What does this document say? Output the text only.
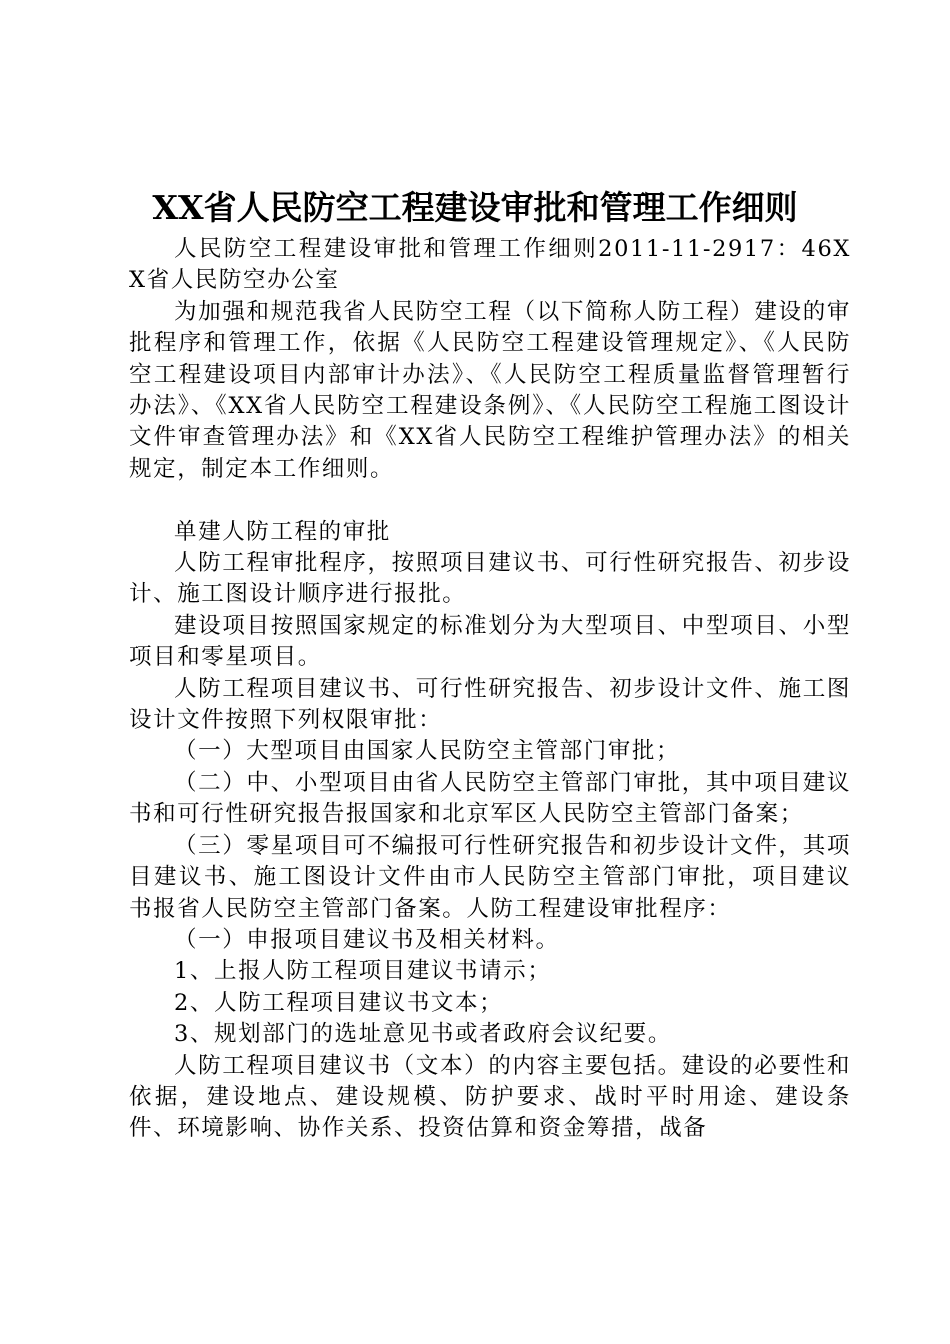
XX省人民防空工程建设审批和管理工作细则

人民防空工程建设审批和管理工作细则2011-11-2917：46XX省人民防空办公室

为加强和规范我省人民防空工程（以下简称人防工程）建设的审批程序和管理工作，依据《人民防空工程建设管理规定》、《人民防空工程建设项目内部审计办法》、《人民防空工程质量监督管理暂行办法》、《XX省人民防空工程建设条例》、《人民防空工程施工图设计文件审查管理办法》和《XX省人民防空工程维护管理办法》的相关规定，制定本工作细则。

单建人防工程的审批

人防工程审批程序，按照项目建议书、可行性研究报告、初步设计、施工图设计顺序进行报批。

建设项目按照国家规定的标准划分为大型项目、中型项目、小型项目和零星项目。

人防工程项目建议书、可行性研究报告、初步设计文件、施工图设计文件按照下列权限审批：

（一）大型项目由国家人民防空主管部门审批；

（二）中、小型项目由省人民防空主管部门审批，其中项目建议书和可行性研究报告报国家和北京军区人民防空主管部门备案；

（三）零星项目可不编报可行性研究报告和初步设计文件，其项目建议书、施工图设计文件由市人民防空主管部门审批，项目建议书报省人民防空主管部门备案。人防工程建设审批程序：

（一）申报项目建议书及相关材料。

1、上报人防工程项目建议书请示；

2、人防工程项目建议书文本；

3、规划部门的选址意见书或者政府会议纪要。

人防工程项目建议书（文本）的内容主要包括。建设的必要性和依据，建设地点、建设规模、防护要求、战时平时用途、建设条件、环境影响、协作关系、投资估算和资金筹措，战备
